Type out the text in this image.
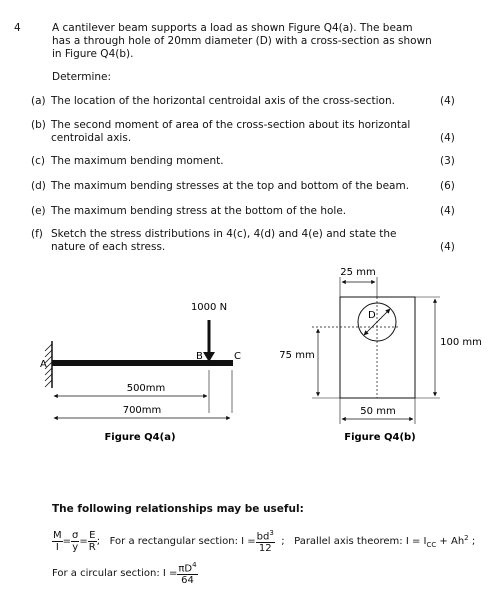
4	A cantilever beam supports a load as shown Figure Q4(a). The beam has a through hole of 20mm diameter (D) with a cross-section as shown in Figure Q4(b).
Determine:
(a) The location of the horizontal centroidal axis of the cross-section.	(4)
(b) The second moment of area of the cross-section about its horizontal centroidal axis.	(4)
(c) The maximum bending moment.	(3)
(d) The maximum bending stresses at the top and bottom of the beam.	(6)
(e) The maximum bending stress at the bottom of the hole.	(4)
(f) Sketch the stress distributions in 4(c), 4(d) and 4(e) and state the nature of each stress.	(4)
1000 N
A
B	C
500mm
700mm
Figure Q4(a)
25 mm
D
75 mm
100 mm
50 mm
Figure Q4(b)
The following relationships may be useful:
$\frac{M}{I} = \frac{\sigma}{y} = \frac{E}{R}$ ; For a rectangular section: $I = \frac{bd^3}{12}$ ; Parallel axis theorem: $I = I_{CC} + Ah^2$ ;
For a circular section: $I = \frac{\pi D^4}{64}$
